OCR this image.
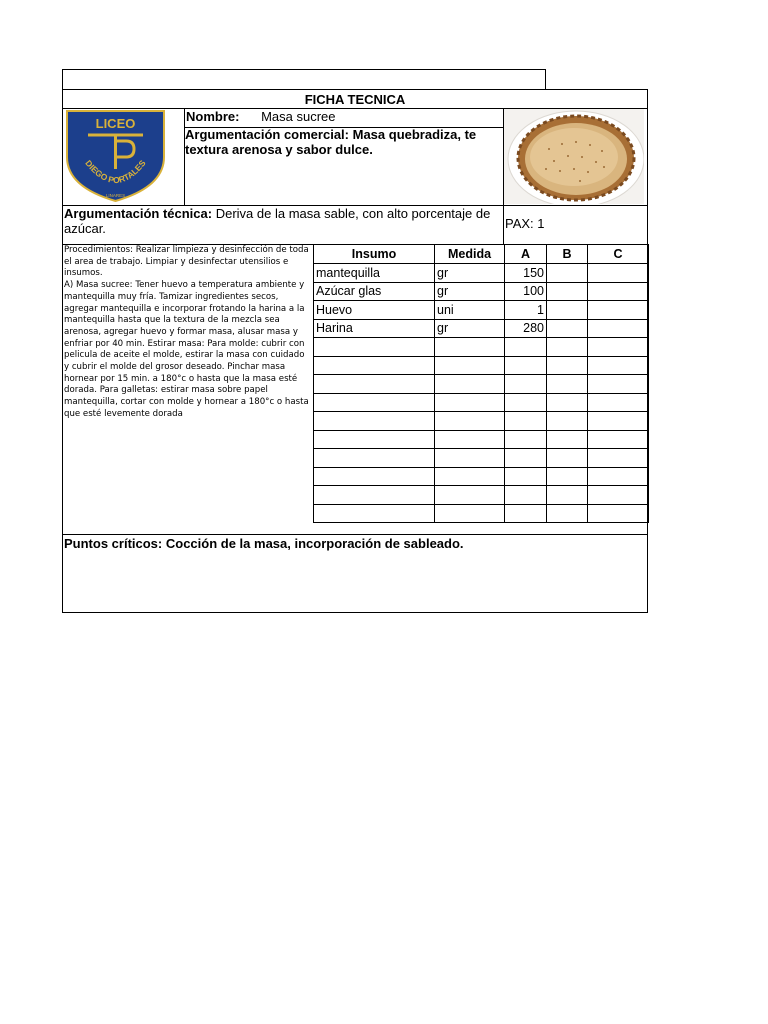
FICHA TECNICA
LICEO
DIEGO PORTALES
LINARES
Nombre: Masa sucree
Argumentación comercial: Masa quebradiza, te textura arenosa y sabor dulce.
Argumentación técnica: Deriva de la masa sable, con alto porcentaje de azúcar.	PAX: 1
Procedimientos: Realizar limpieza y desinfección de toda el area de trabajo. Limpiar y desinfectar utensilios e insumos.
A) Masa sucree: Tener huevo a temperatura ambiente y mantequilla muy fría. Tamizar ingredientes secos, agregar mantequilla e incorporar frotando la harina a la mantequilla hasta que la textura de la mezcla sea arenosa, agregar huevo y formar masa, alusar masa y enfriar por 40 min. Estirar masa: Para molde: cubrir con pelicula de aceite el molde, estirar la masa con cuidado y cubrir el molde del grosor deseado. Pinchar masa hornear por 15 min. a 180°c o hasta que la masa esté dorada. Para galletas: estirar masa sobre papel mantequilla, cortar con molde y hornear a 180°c o hasta que esté levemente dorada
Insumo	Medida	A	B	C
mantequilla	gr	150		
Azúcar glas	gr	100		
Huevo	uni	1		
Harina	gr	280		

Puntos críticos: Cocción de la masa, incorporación de sableado.
